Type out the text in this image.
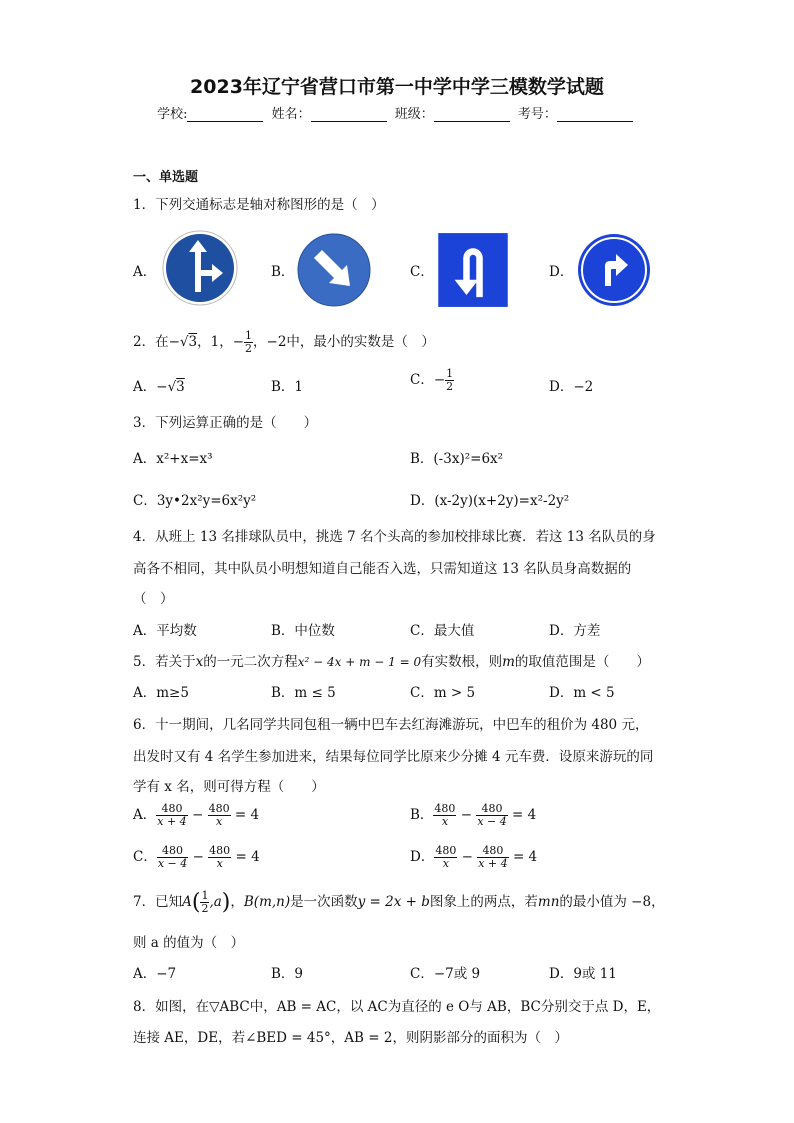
2023年辽宁省营口市第一中学中学三模数学试题
学校:	姓名：	班级：	考号：
一、单选题
1．下列交通标志是轴对称图形的是（　）
A．	B．	C．	D．
2．在−√3，1，− $\frac{1}{2}$ ，−2中，最小的实数是（　）
A．−√3	B．1	C．− $\frac{1}{2}$	D．−2
3．下列运算正确的是（　　）
A．x²+x=x³	B．(-3x)²=6x²
C．3y•2x²y=6x²y²	D．(x-2y)(x+2y)=x²-2y²
4．从班上 13 名排球队员中，挑选 7 名个头高的参加校排球比赛．若这 13 名队员的身
高各不相同，其中队员小明想知道自己能否入选，只需知道这 13 名队员身高数据的
（　）
A．平均数	B．中位数	C．最大值	D．方差
5．若关于x的一元二次方程x² − 4x + m − 1 = 0有实数根，则m的取值范围是（　　）
A．m≥5	B．m ≤ 5	C．m > 5	D．m < 5
6．十一期间，几名同学共同包租一辆中巴车去红海滩游玩，中巴车的租价为 480 元，
出发时又有 4 名学生参加进来，结果每位同学比原来少分摊 4 元车费．设原来游玩的同
学有 x 名，则可得方程（　　）
A． $\frac{480}{x + 4} - \frac{480}{x} = 4$	B． $\frac{480}{x} - \frac{480}{x - 4} = 4$
C． $\frac{480}{x - 4} - \frac{480}{x} = 4$	D． $\frac{480}{x} - \frac{480}{x + 4} = 4$
7．已知$A( \frac{1}{2} ,a)$，B(m,n)是一次函数y = 2x + b图象上的两点，若mn的最小值为 −8，
则 a 的值为（　）
A．−7	B．9	C．−7或 9	D．9或 11
8．如图，在▽ABC中，AB = AC，以 AC为直径的 e O与 AB，BC分别交于点 D，E，
连接 AE，DE，若∠BED = 45°，AB = 2，则阴影部分的面积为（　）
